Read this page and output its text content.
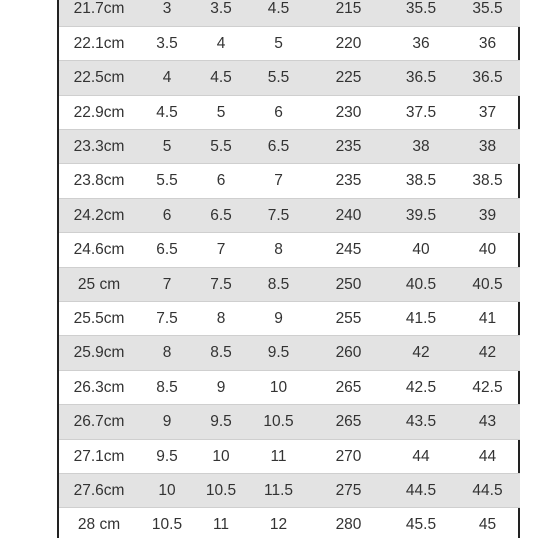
21.7cm	3	3.5	4.5	215	35.5	35.5
22.1cm	3.5	4	5	220	36	36
22.5cm	4	4.5	5.5	225	36.5	36.5
22.9cm	4.5	5	6	230	37.5	37
23.3cm	5	5.5	6.5	235	38	38
23.8cm	5.5	6	7	235	38.5	38.5
24.2cm	6	6.5	7.5	240	39.5	39
24.6cm	6.5	7	8	245	40	40
25 cm	7	7.5	8.5	250	40.5	40.5
25.5cm	7.5	8	9	255	41.5	41
25.9cm	8	8.5	9.5	260	42	42
26.3cm	8.5	9	10	265	42.5	42.5
26.7cm	9	9.5	10.5	265	43.5	43
27.1cm	9.5	10	11	270	44	44
27.6cm	10	10.5	11.5	275	44.5	44.5
28 cm	10.5	11	12	280	45.5	45
